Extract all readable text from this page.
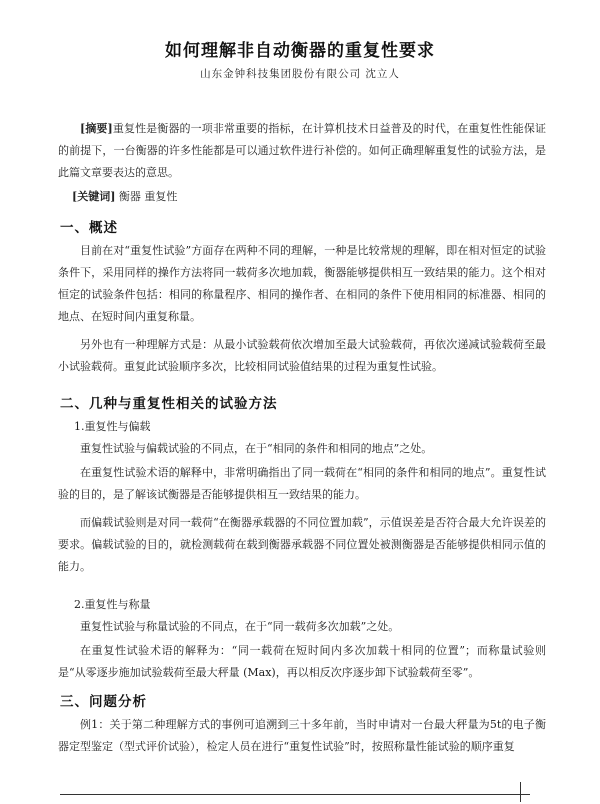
如何理解非自动衡器的重复性要求
山东金钟科技集团股份有限公司 沈立人
[摘要]重复性是衡器的一项非常重要的指标，在计算机技术日益普及的时代，在重复性性能保证的前提下，一台衡器的许多性能都是可以通过软件进行补偿的。如何正确理解重复性的试验方法，是此篇文章要表达的意思。
[关键词] 衡器 重复性
一、概述
目前在对“重复性试验”方面存在两种不同的理解，一种是比较常规的理解，即在相对恒定的试验条件下，采用同样的操作方法将同一载荷多次地加载，衡器能够提供相互一致结果的能力。这个相对恒定的试验条件包括：相同的称量程序、相同的操作者、在相同的条件下使用相同的标准器、相同的地点、在短时间内重复称量。
另外也有一种理解方式是：从最小试验载荷依次增加至最大试验载荷，再依次递减试验载荷至最小试验载荷。重复此试验顺序多次，比较相同试验值结果的过程为重复性试验。
二、几种与重复性相关的试验方法
1.重复性与偏载
重复性试验与偏载试验的不同点，在于“相同的条件和相同的地点”之处。
在重复性试验术语的解释中，非常明确指出了同一载荷在“相同的条件和相同的地点”。重复性试验的目的，是了解该试衡器是否能够提供相互一致结果的能力。
而偏载试验则是对同一载荷“在衡器承载器的不同位置加载”，示值误差是否符合最大允许误差的要求。偏载试验的目的，就检测载荷在载到衡器承载器不同位置处被测衡器是否能够提供相同示值的能力。
2.重复性与称量
重复性试验与称量试验的不同点，在于“同一载荷多次加载”之处。
在重复性试验术语的解释为：“同一载荷在短时间内多次加载十相同的位置”；而称量试验则是“从零逐步施加试验载荷至最大秤量 (Max)，再以相反次序逐步卸下试验载荷至零”。
三、问题分析
例1：关于第二种理解方式的事例可追溯到三十多年前，当时申请对一台最大秤量为5t的电子衡器定型鉴定（型式评价试验），检定人员在进行“重复性试验”时，按照称量性能试验的顺序重复
